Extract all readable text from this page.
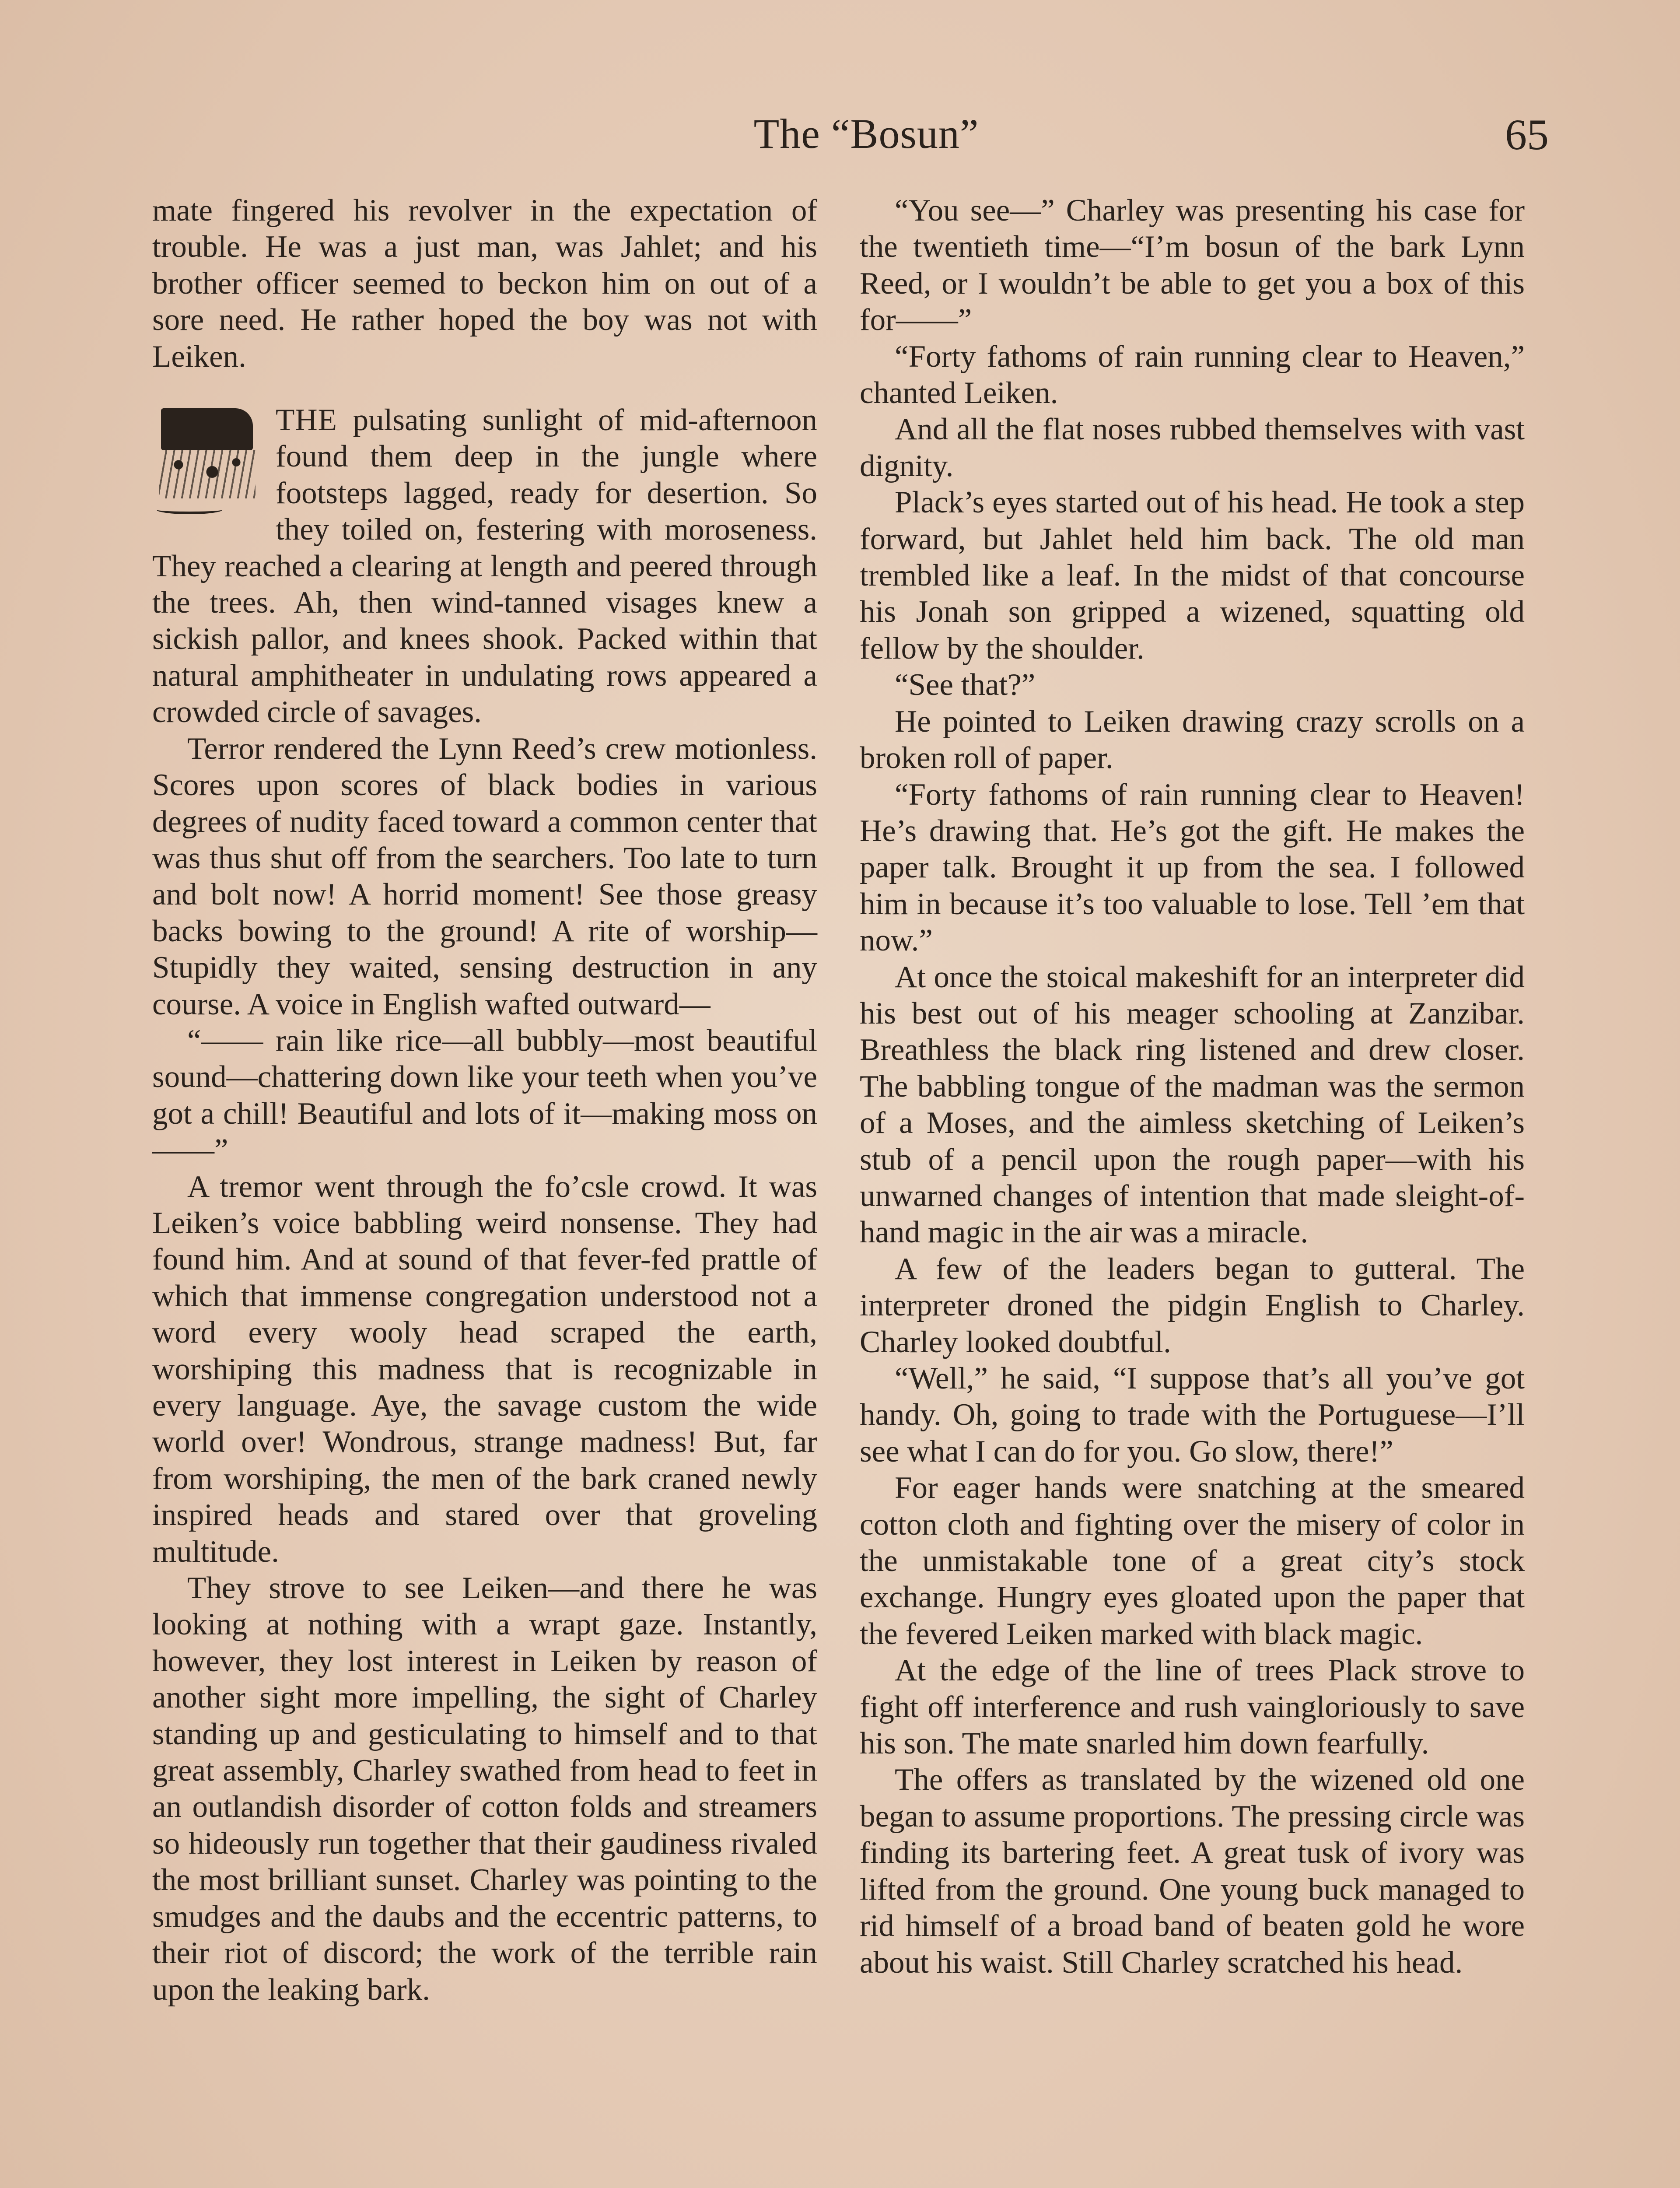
The “Bosun”	65

mate fingered his revolver in the expectation of trouble. He was a just man, was Jahlet; and his brother officer seemed to beckon him on out of a sore need. He rather hoped the boy was not with Leiken.

THE pulsating sunlight of mid-afternoon found them deep in the jungle where footsteps lagged, ready for desertion. So they toiled on, festering with moroseness. They reached a clearing at length and peered through the trees. Ah, then wind-tanned visages knew a sickish pallor, and knees shook. Packed within that natural amphitheater in undulating rows appeared a crowded circle of savages.

Terror rendered the Lynn Reed’s crew motionless. Scores upon scores of black bodies in various degrees of nudity faced toward a common center that was thus shut off from the searchers. Too late to turn and bolt now! A horrid moment! See those greasy backs bowing to the ground! A rite of worship— Stupidly they waited, sensing destruction in any course. A voice in English wafted outward—

“—— rain like rice—all bubbly—most beautiful sound—chattering down like your teeth when you’ve got a chill! Beautiful and lots of it—making moss on——”

A tremor went through the fo’csle crowd. It was Leiken’s voice babbling weird nonsense. They had found him. And at sound of that fever-fed prattle of which that immense congregation understood not a word every wooly head scraped the earth, worshiping this madness that is recognizable in every language. Aye, the savage custom the wide world over! Wondrous, strange madness! But, far from worshiping, the men of the bark craned newly inspired heads and stared over that groveling multitude.

They strove to see Leiken—and there he was looking at nothing with a wrapt gaze. Instantly, however, they lost interest in Leiken by reason of another sight more impelling, the sight of Charley standing up and gesticulating to himself and to that great assembly, Charley swathed from head to feet in an outlandish disorder of cotton folds and streamers so hideously run together that their gaudiness rivaled the most brilliant sunset. Charley was pointing to the smudges and the daubs and the eccentric patterns, to their riot of discord; the work of the terrible rain upon the leaking bark.

“You see—” Charley was presenting his case for the twentieth time—“I’m bosun of the bark Lynn Reed, or I wouldn’t be able to get you a box of this for——”

“Forty fathoms of rain running clear to Heaven,” chanted Leiken.

And all the flat noses rubbed themselves with vast dignity.

Plack’s eyes started out of his head. He took a step forward, but Jahlet held him back. The old man trembled like a leaf. In the midst of that concourse his Jonah son gripped a wizened, squatting old fellow by the shoulder.

“See that?”

He pointed to Leiken drawing crazy scrolls on a broken roll of paper.

“Forty fathoms of rain running clear to Heaven! He’s drawing that. He’s got the gift. He makes the paper talk. Brought it up from the sea. I followed him in because it’s too valuable to lose. Tell ’em that now.”

At once the stoical makeshift for an interpreter did his best out of his meager schooling at Zanzibar. Breathless the black ring listened and drew closer. The babbling tongue of the madman was the sermon of a Moses, and the aimless sketching of Leiken’s stub of a pencil upon the rough paper—with his unwarned changes of intention that made sleight-of-hand magic in the air was a miracle.

A few of the leaders began to gutteral. The interpreter droned the pidgin English to Charley. Charley looked doubtful.

“Well,” he said, “I suppose that’s all you’ve got handy. Oh, going to trade with the Portuguese—I’ll see what I can do for you. Go slow, there!”

For eager hands were snatching at the smeared cotton cloth and fighting over the misery of color in the unmistakable tone of a great city’s stock exchange. Hungry eyes gloated upon the paper that the fevered Leiken marked with black magic.

At the edge of the line of trees Plack strove to fight off interference and rush vaingloriously to save his son. The mate snarled him down fearfully.

The offers as translated by the wizened old one began to assume proportions. The pressing circle was finding its bartering feet. A great tusk of ivory was lifted from the ground. One young buck managed to rid himself of a broad band of beaten gold he wore about his waist. Still Charley scratched his head.
